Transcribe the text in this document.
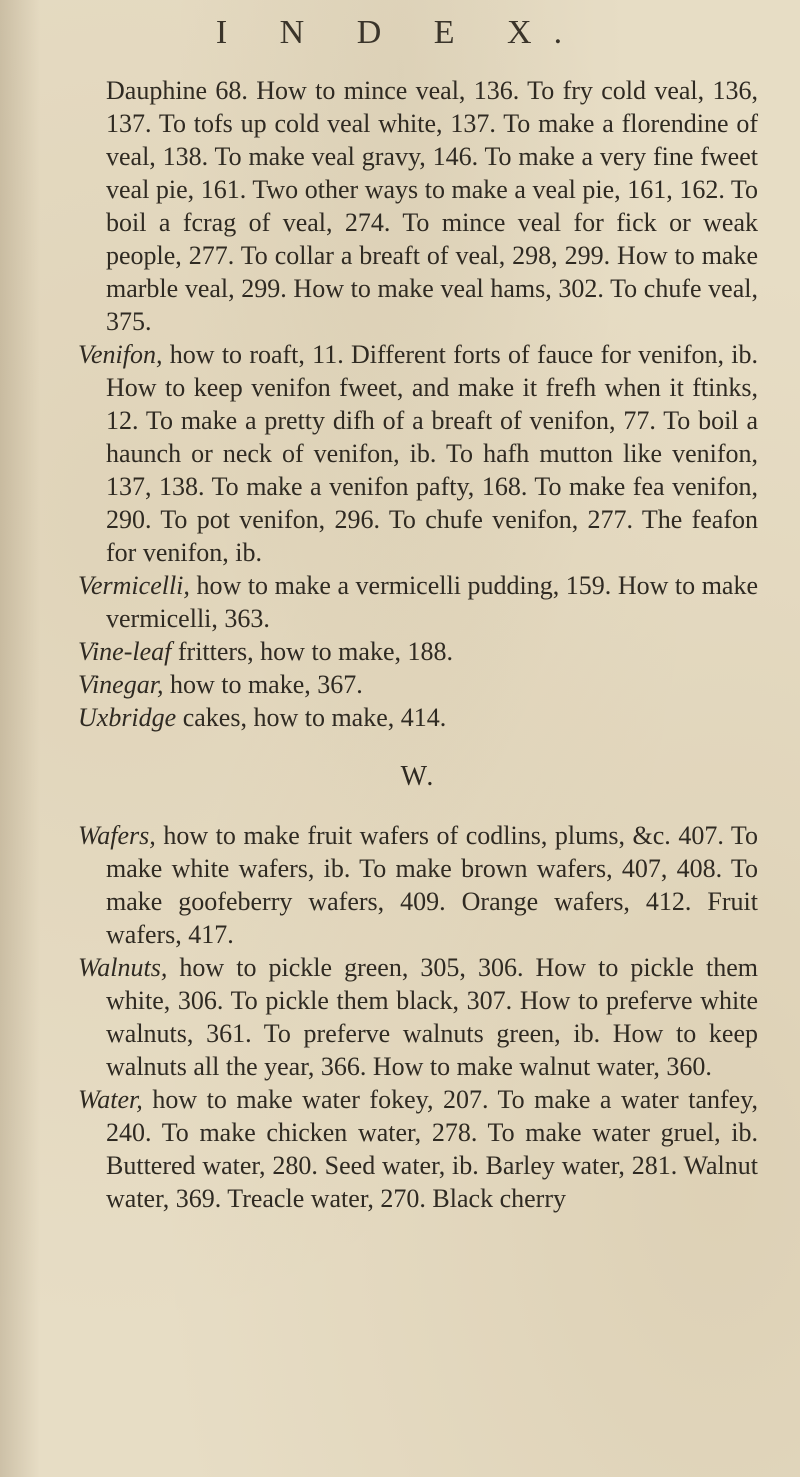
I N D E X.

Dauphine 68. How to mince veal, 136. To fry cold veal, 136, 137. To tofs up cold veal white, 137. To make a florendine of veal, 138. To make veal gravy, 146. To make a very fine fweet veal pie, 161. Two other ways to make a veal pie, 161, 162. To boil a fcrag of veal, 274. To mince veal for fick or weak people, 277. To collar a breaft of veal, 298, 299. How to make marble veal, 299. How to make veal hams, 302. To chufe veal, 375.

Venifon, how to roaft, 11. Different forts of fauce for venifon, ib. How to keep venifon fweet, and make it frefh when it ftinks, 12. To make a pretty difh of a breaft of venifon, 77. To boil a haunch or neck of venifon, ib. To hafh mutton like venifon, 137, 138. To make a venifon pafty, 168. To make fea venifon, 290. To pot venifon, 296. To chufe venifon, 277. The feafon for venifon, ib.

Vermicelli, how to make a vermicelli pudding, 159. How to make vermicelli, 363.

Vine-leaf fritters, how to make, 188.

Vinegar, how to make, 367.

Uxbridge cakes, how to make, 414.

W.

Wafers, how to make fruit wafers of codlins, plums, &c. 407. To make white wafers, ib. To make brown wafers, 407, 408. To make goofeberry wafers, 409. Orange wafers, 412. Fruit wafers, 417.

Walnuts, how to pickle green, 305, 306. How to pickle them white, 306. To pickle them black, 307. How to preferve white walnuts, 361. To preferve walnuts green, ib. How to keep walnuts all the year, 366. How to make walnut water, 360.

Water, how to make water fokey, 207. To make a water tanfey, 240. To make chicken water, 278. To make water gruel, ib. Buttered water, 280. Seed water, ib. Barley water, 281. Walnut water, 369. Treacle water, 270. Black cherry
